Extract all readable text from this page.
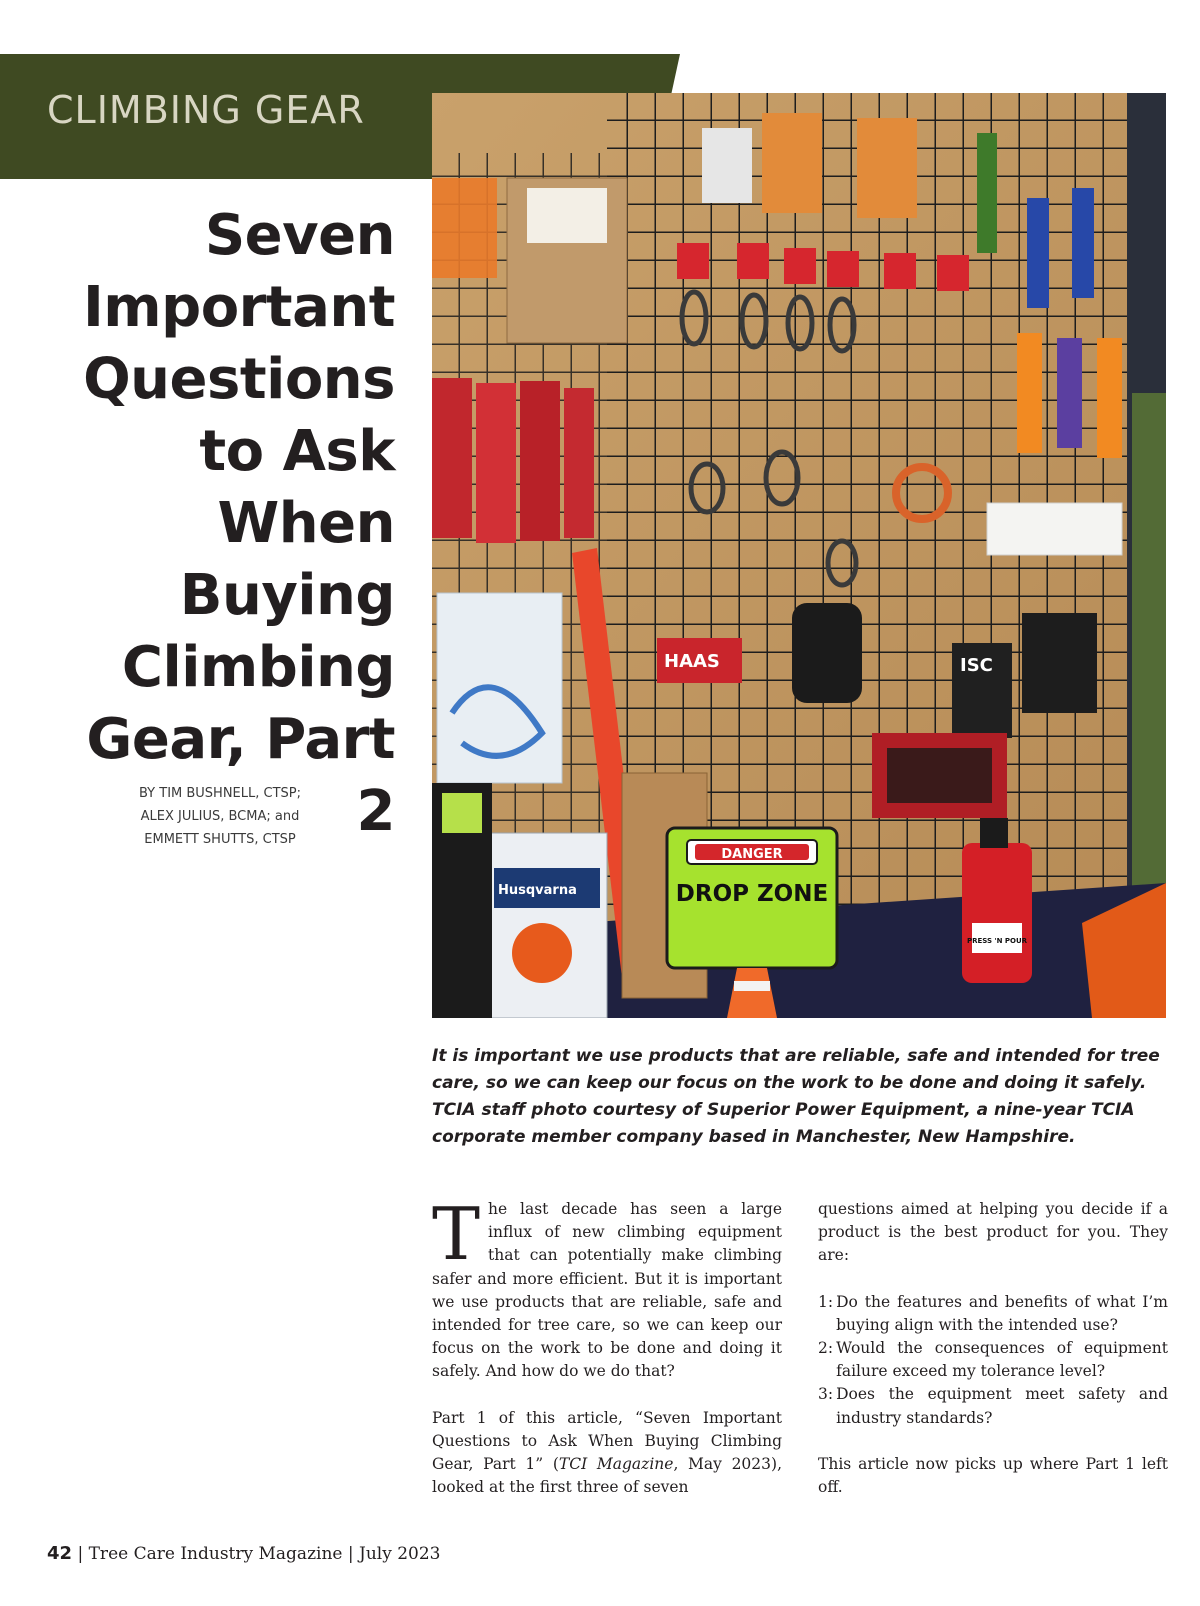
CLIMBING GEAR
Seven
Important
Questions
to Ask When
Buying
Climbing
Gear, Part 2
BY TIM BUSHNELL, CTSP;
ALEX JULIUS, BCMA; and
EMMETT SHUTTS, CTSP
HAAS	ISC
Husqvarna
DANGER
DROP ZONE
PRESS 'N POUR

It is important we use products that are reliable, safe and intended for tree care, so we can keep our focus on the work to be done and doing it safely. TCIA staff photo courtesy of Superior Power Equipment, a nine-year TCIA corporate member company based in Manchester, New Hampshire.

The last decade has seen a large influx of new climbing equipment that can potentially make climbing safer and more efficient. But it is important we use products that are reliable, safe and intended for tree care, so we can keep our focus on the work to be done and doing it safely. And how do we do that?

Part 1 of this article, “Seven Important Questions to Ask When Buying Climbing Gear, Part 1” (TCI Magazine, May 2023), looked at the first three of seven

questions aimed at helping you decide if a product is the best product for you. They are:

1: Do the features and benefits of what I’m buying align with the intended use?
2: Would the consequences of equipment failure exceed my tolerance level?
3: Does the equipment meet safety and industry standards?

This article now picks up where Part 1 left off.

42 | Tree Care Industry Magazine | July 2023
